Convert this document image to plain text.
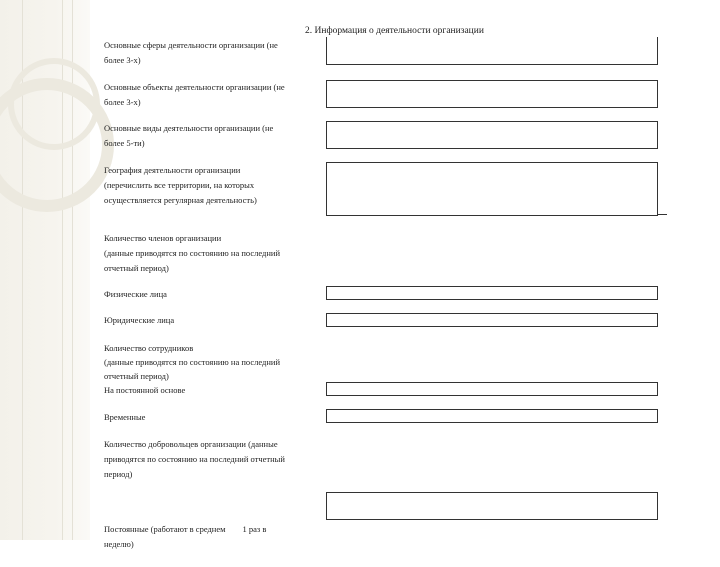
2. Информация о деятельности организации
Основные сферы деятельности организации (не
более 3-х)
Основные объекты деятельности организации (не
более 3-х)
Основные виды деятельности организации (не
более 5-ти)
География деятельности организации
(перечислить все территории, на которых
осуществляется регулярная деятельность)
Количество членов организации
(данные приводятся по состоянию на последний
отчетный период)
Физические лица
Юридические лица
Количество сотрудников
(данные приводятся по состоянию на последний
отчетный период)
На постоянной основе
Временные
Количество добровольцев организации (данные
приводятся по состоянию на последний отчетный
период)

Постоянные (работают в среднем        1 раз в
неделю)
